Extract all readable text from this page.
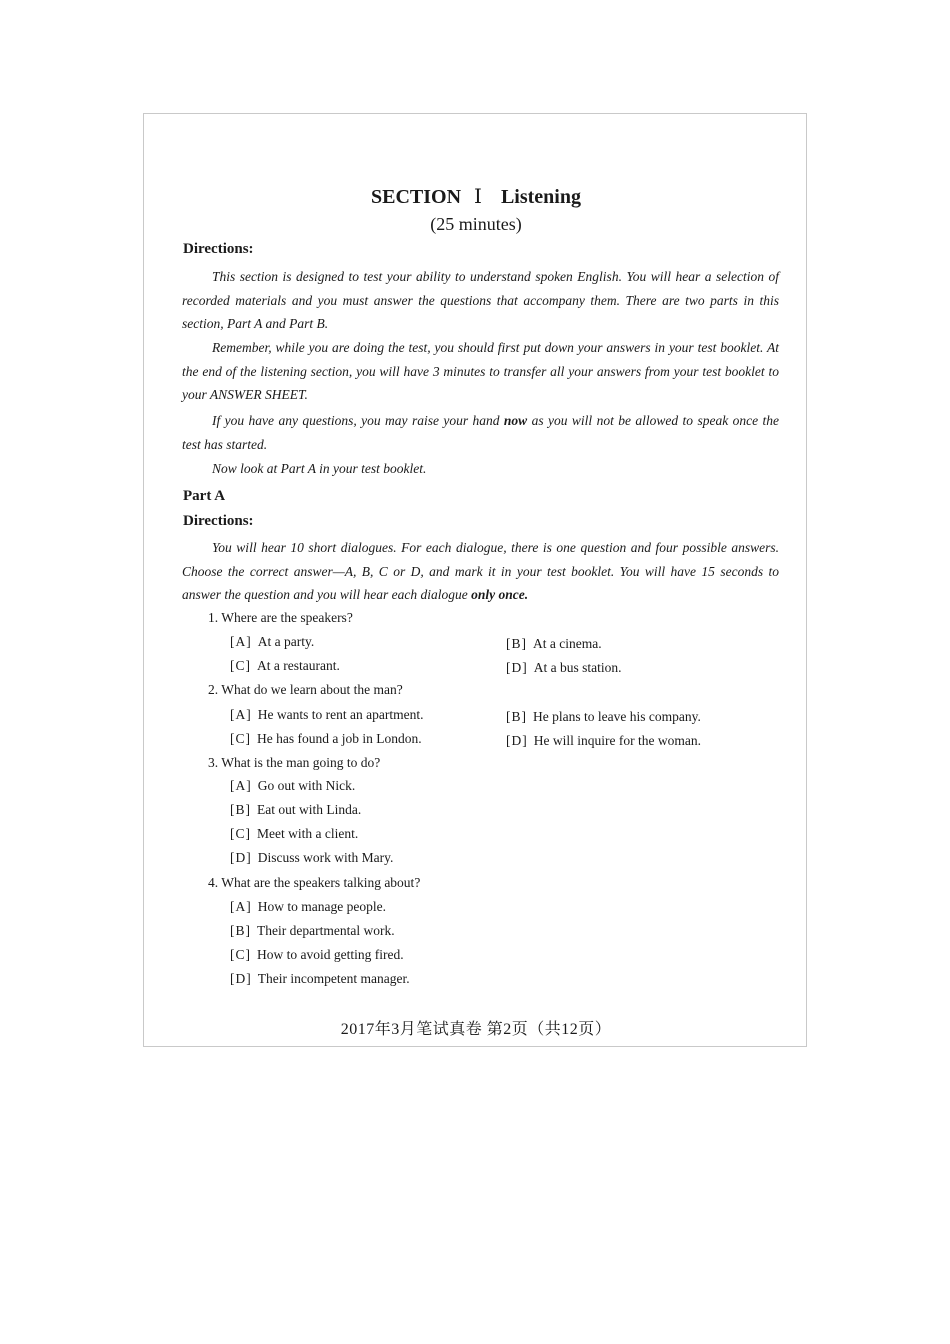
SECTION Ⅰ Listening
(25 minutes)
Directions:
This section is designed to test your ability to understand spoken English. You will hear a selection of recorded materials and you must answer the questions that accompany them. There are two parts in this section, Part A and Part B.
Remember, while you are doing the test, you should first put down your answers in your test booklet. At the end of the listening section, you will have 3 minutes to transfer all your answers from your test booklet to your ANSWER SHEET.
If you have any questions, you may raise your hand now as you will not be allowed to speak once the test has started.
Now look at Part A in your test booklet.
Part A
Directions:
You will hear 10 short dialogues. For each dialogue, there is one question and four possible answers. Choose the correct answer—A, B, C or D, and mark it in your test booklet. You will have 15 seconds to answer the question and you will hear each dialogue only once.
1. Where are the speakers?
[A] At a party.	[B] At a cinema.
[C] At a restaurant.	[D] At a bus station.
2. What do we learn about the man?
[A] He wants to rent an apartment.	[B] He plans to leave his company.
[C] He has found a job in London.	[D] He will inquire for the woman.
3. What is the man going to do?
[A] Go out with Nick.
[B] Eat out with Linda.
[C] Meet with a client.
[D] Discuss work with Mary.
4. What are the speakers talking about?
[A] How to manage people.
[B] Their departmental work.
[C] How to avoid getting fired.
[D] Their incompetent manager.
2017年3月笔试真卷 第2页（共12页）
